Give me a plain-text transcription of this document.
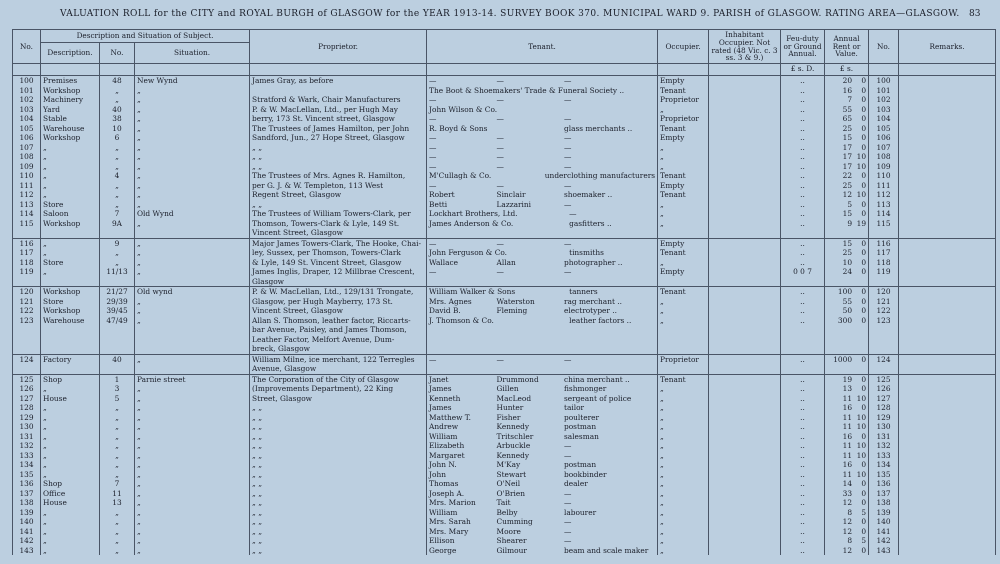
VALUATION ROLL for the CITY and ROYAL BURGH of GLASGOW for the YEAR 1913-14. SURVEY BOOK 370. MUNICIPAL WARD 9. PARISH of GLASGOW. RATING AREA—GLASGOW. 83
No.	Description and Situation of Subject.			Proprietor.	Tenant.	Occupier.	Inhabitant Occupier. Not rated (48 Vic. c. 3 ss. 3 & 9.)	Feu-duty or Ground Annual.	Annual Rent or Value.	No.	Remarks.
	Description.	No.	Situation.								
								£ s. D.	£ s.		
100	Premises	48	New Wynd	James Gray, as before	— — —	Empty		..	20 0	100	
101	Workshop	„	„		The Boot & Shoemakers' Trade & Funeral Society ..	Tenant		..	16 0	101	
102	Machinery	„	„	Stratford & Wark, Chair Manufacturers	— — —	Proprietor		..	7 0	102	
103	Yard	40	„	P. & W. MacLellan, Ltd., per Hugh May	John Wilson & Co.	„		..	55 0	103	
104	Stable	38	„	berry, 173 St. Vincent street, Glasgow	— — —	Proprietor		..	65 0	104	
105	Warehouse	10	„	The Trustees of James Hamilton, per John	R. Boyd & Sons glass merchants ..	Tenant		..	25 0	105	
106	Workshop	6	„	Sandford, Jun., 27 Hope Street, Glasgow	— — —	Empty		..	15 0	106	
107	„	„	„	„ „	— — —	„		..	17 0	107	
108	„	„	„	„ „	— — —	„		..	17 10	108	
109	„	„	„	„ „	— — —	„		..	17 10	109	
110	„	4	„	The Trustees of Mrs. Agnes R. Hamilton,	M'Cullagh & Co. underclothing manufacturers	Tenant		..	22 0	110	
111	„	„	„	per G. J. & W. Templeton, 113 West	— — —	Empty		..	25 0	111	
112	„	„	„	Regent Street, Glasgow	Robert Sinclair shoemaker ..	Tenant		..	12 10	112	
113	Store	„	„	„ „	Betti Lazzarini —	„		..	5 0	113	
114	Saloon	7	Old Wynd	The Trustees of William Towers-Clark, per	Lockhart Brothers, Ltd. —	„		..	15 0	114	
115	Workshop	9A	„	Thomson, Towers-Clark & Lyle, 149 St.	James Anderson & Co. gasfitters ..	„		..	9 19	115	
				Vincent Street, Glasgow	

116	„	9	„	Major James Towers-Clark, The Hooke, Chai-	— — —	Empty		..	15 0	116	
117	„	„	„	ley, Sussex, per Thomson, Towers-Clark	John Ferguson & Co. tinsmiths	Tenant		..	25 0	117	
118	Store	„	„	& Lyle, 149 St. Vincent Street, Glasgow	Wallace Allan photographer ..	„		..	10 0	118	
119	„	11/13	„	James Inglis, Draper, 12 Millbrae Crescent,	— — —	Empty		0 0 7	24 0	119	
				Glasgow	

120	Workshop	21/27	Old wynd	P. & W. MacLellan, Ltd., 129/131 Trongate,	William Walker & Sons tanners	Tenant		..	100 0	120	
121	Store	29/39	„	Glasgow, per Hugh Mayberry, 173 St.	Mrs. Agnes Waterston rag merchant ..	„		..	55 0	121	
122	Workshop	39/45	„	Vincent Street, Glasgow	David B. Fleming electrotyper ..	„		..	50 0	122	
123	Warehouse	47/49	„	Allan S. Thomson, leather factor, Riccarts-	J. Thomson & Co. leather factors ..	„		..	300 0	123	
				bar Avenue, Paisley, and James Thomson,	

				Leather Factor, Melfort Avenue, Dum-	

				breck, Glasgow	

124	Factory	40	„	William Milne, ice merchant, 122 Terregles	— — —	Proprietor		..	1000 0	124	
				Avenue, Glasgow	

125	Shop	1	Parnie street	The Corporation of the City of Glasgow	Janet Drummond china merchant ..	Tenant		..	19 0	125	
126	„	3	„	(Improvements Department), 22 King	James Gillen fishmonger	„		..	13 0	126	
127	House	5	„	Street, Glasgow	Kenneth MacLeod sergeant of police	„		..	11 10	127	
128	„	„	„	„ „	James Hunter tailor	„		..	16 0	128	
129	„	„	„	„ „	Matthew T. Fisher poulterer	„		..	11 10	129	
130	„	„	„	„ „	Andrew Kennedy postman	„		..	11 10	130	
131	„	„	„	„ „	William Tritschler salesman	„		..	16 0	131	
132	„	„	„	„ „	Elizabeth Arbuckle —	„		..	11 10	132	
133	„	„	„	„ „	Margaret Kennedy —	„		..	11 10	133	
134	„	„	„	„ „	John N. M'Kay postman	„		..	16 0	134	
135	„	„	„	„ „	John Stewart bookbinder	„		..	11 10	135	
136	Shop	7	„	„ „	Thomas O'Neil dealer	„		..	14 0	136	
137	Office	11	„	„ „	Joseph A. O'Brien —	„		..	33 0	137	
138	House	13	„	„ „	Mrs. Marion Tait —	„		..	12 0	138	
139	„	„	„	„ „	William Belby labourer	„		..	8 5	139	
140	„	„	„	„ „	Mrs. Sarah Cumming —	„		..	12 0	140	
141	„	„	„	„ „	Mrs. Mary Moore —	„		..	12 0	141	
142	„	„	„	„ „	Ellison Shearer —	„		..	8 5	142	
143	„	„	„	„ „	George Gilmour beam and scale maker	„		..	12 0	143	
